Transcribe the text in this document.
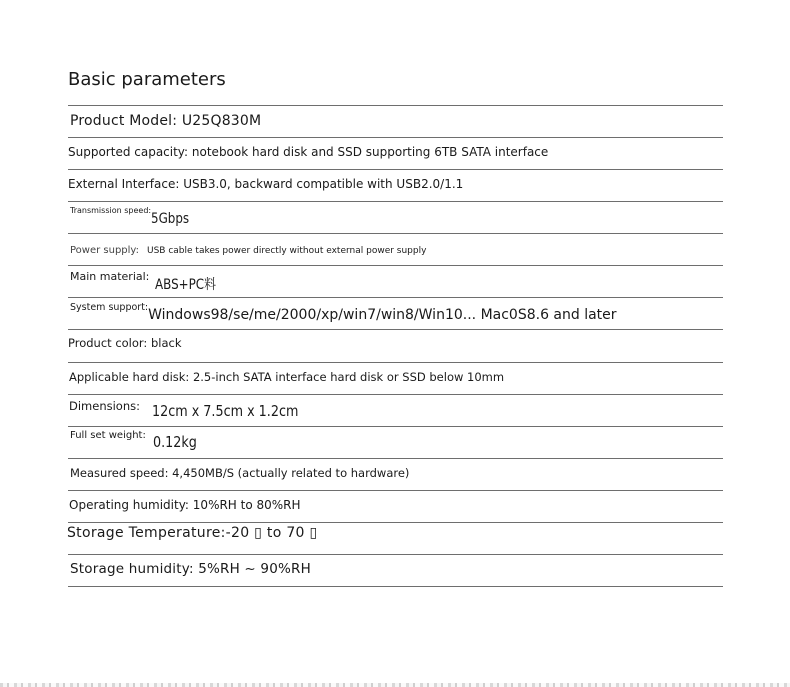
Basic parameters
Product Model: U25Q830M
Supported capacity: notebook hard disk and SSD supporting 6TB SATA interface
External Interface: USB3.0, backward compatible with USB2.0/1.1
$^{Transmission speed:}$5Gbps
Power supply: USB cable takes power directly without external power supply
$^{Main material:}$ABS+PC料
$^{System support:}$Windows98/se/me/2000/xp/win7/win8/Win10... Mac0S8.6 and later
Product color: black
Applicable hard disk: 2.5-inch SATA interface hard disk or SSD below 10mm
$^{Dimensions:}$ 12cm x 7.5cm x 1.2cm
$^{Full set weight:}$ 0.12kg
Measured speed: 4,450MB/S (actually related to hardware)
Operating humidity: 10%RH to 80%RH
Storage Temperature:-20 ▯ to 70 ▯
Storage humidity: 5%RH ~ 90%RH
